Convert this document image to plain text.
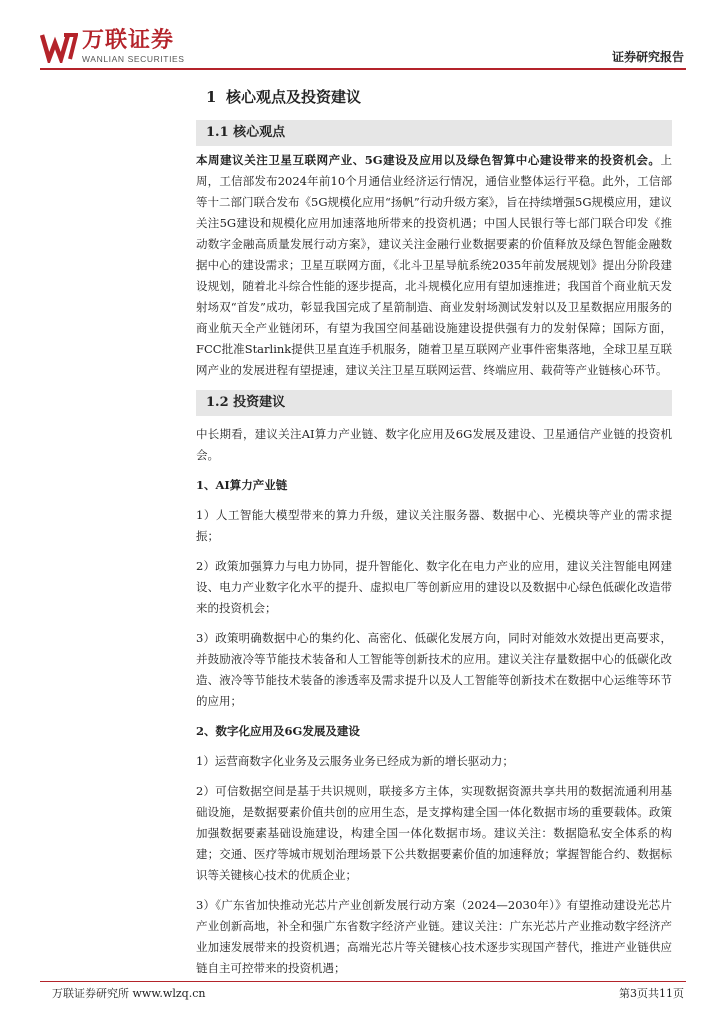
万联证券
WANLIAN SECURITIES	证券研究报告
1 核心观点及投资建议
1.1 核心观点

本周建议关注卫星互联网产业、5G建设及应用以及绿色智算中心建设带来的投资机会。上周，工信部发布2024年前10个月通信业经济运行情况，通信业整体运行平稳。此外，工信部等十二部门联合发布《5G规模化应用“扬帆”行动升级方案》，旨在持续增强5G规模应用，建议关注5G建设和规模化应用加速落地所带来的投资机遇；中国人民银行等七部门联合印发《推动数字金融高质量发展行动方案》，建议关注金融行业数据要素的价值释放及绿色智能金融数据中心的建设需求；卫星互联网方面，《北斗卫星导航系统2035年前发展规划》提出分阶段建设规划，随着北斗综合性能的逐步提高，北斗规模化应用有望加速推进；我国首个商业航天发射场双“首发”成功，彰显我国完成了星箭制造、商业发射场测试发射以及卫星数据应用服务的商业航天全产业链闭环，有望为我国空间基础设施建设提供强有力的发射保障；国际方面，FCC批准Starlink提供卫星直连手机服务，随着卫星互联网产业事件密集落地，全球卫星互联网产业的发展进程有望提速，建议关注卫星互联网运营、终端应用、载荷等产业链核心环节。

1.2 投资建议

中长期看，建议关注AI算力产业链、数字化应用及6G发展及建设、卫星通信产业链的投资机会。

1、AI算力产业链

1）人工智能大模型带来的算力升级，建议关注服务器、数据中心、光模块等产业的需求提振；

2）政策加强算力与电力协同，提升智能化、数字化在电力产业的应用，建议关注智能电网建设、电力产业数字化水平的提升、虚拟电厂等创新应用的建设以及数据中心绿色低碳化改造带来的投资机会；

3）政策明确数据中心的集约化、高密化、低碳化发展方向，同时对能效水效提出更高要求，并鼓励液冷等节能技术装备和人工智能等创新技术的应用。建议关注存量数据中心的低碳化改造、液冷等节能技术装备的渗透率及需求提升以及人工智能等创新技术在数据中心运维等环节的应用；

2、数字化应用及6G发展及建设

1）运营商数字化业务及云服务业务已经成为新的增长驱动力；

2）可信数据空间是基于共识规则，联接多方主体，实现数据资源共享共用的数据流通利用基础设施，是数据要素价值共创的应用生态，是支撑构建全国一体化数据市场的重要载体。政策加强数据要素基础设施建设，构建全国一体化数据市场。建议关注：数据隐私安全体系的构建；交通、医疗等城市规划治理场景下公共数据要素价值的加速释放；掌握智能合约、数据标识等关键核心技术的优质企业；

3）《广东省加快推动光芯片产业创新发展行动方案（2024—2030年）》有望推动建设光芯片产业创新高地，补全和强广东省数字经济产业链。建议关注：广东光芯片产业推动数字经济产业加速发展带来的投资机遇；高端光芯片等关键核心技术逐步实现国产替代，推进产业链供应链自主可控带来的投资机遇；

万联证券研究所 www.wlzq.cn	第3页共11页
